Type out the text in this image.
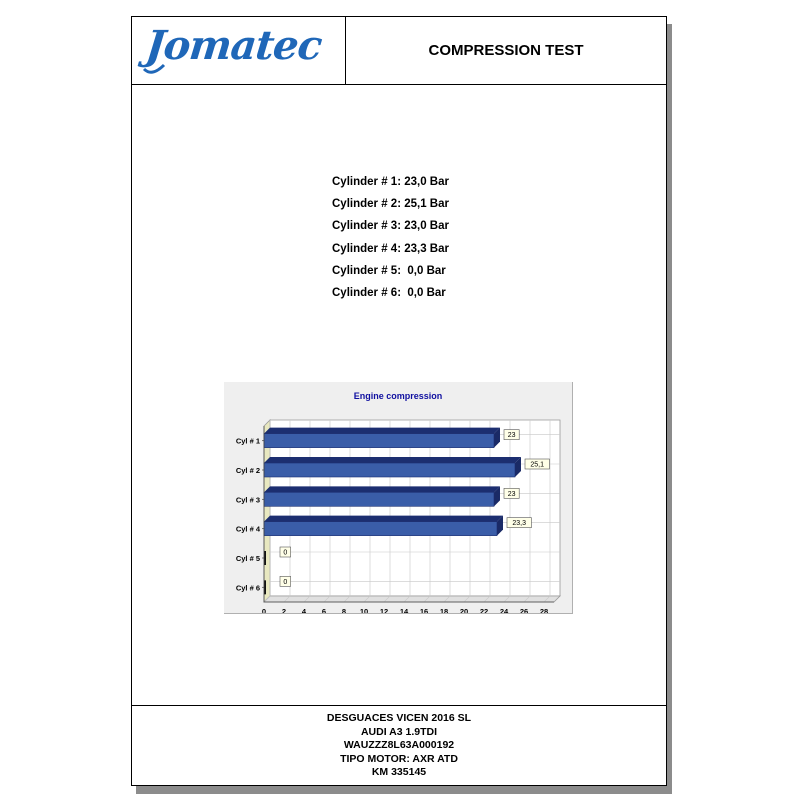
Jomatec	COMPRESSION TEST
Cylinder # 1: 23,0 Bar
Cylinder # 2: 25,1 Bar
Cylinder # 3: 23,0 Bar
Cylinder # 4: 23,3 Bar
Cylinder # 5:  0,0 Bar
Cylinder # 6:  0,0 Bar
Engine compression
0 2 4 6 8 10 12 14 16 18 20 22 24 26 28
Cyl # 1
23
Cyl # 2
25,1
Cyl # 3
23
Cyl # 4
23,3
Cyl # 5
0
Cyl # 6
0
DESGUACES VICEN 2016 SL
AUDI A3 1.9TDI
WAUZZZ8L63A000192
TIPO MOTOR: AXR ATD
KM 335145
